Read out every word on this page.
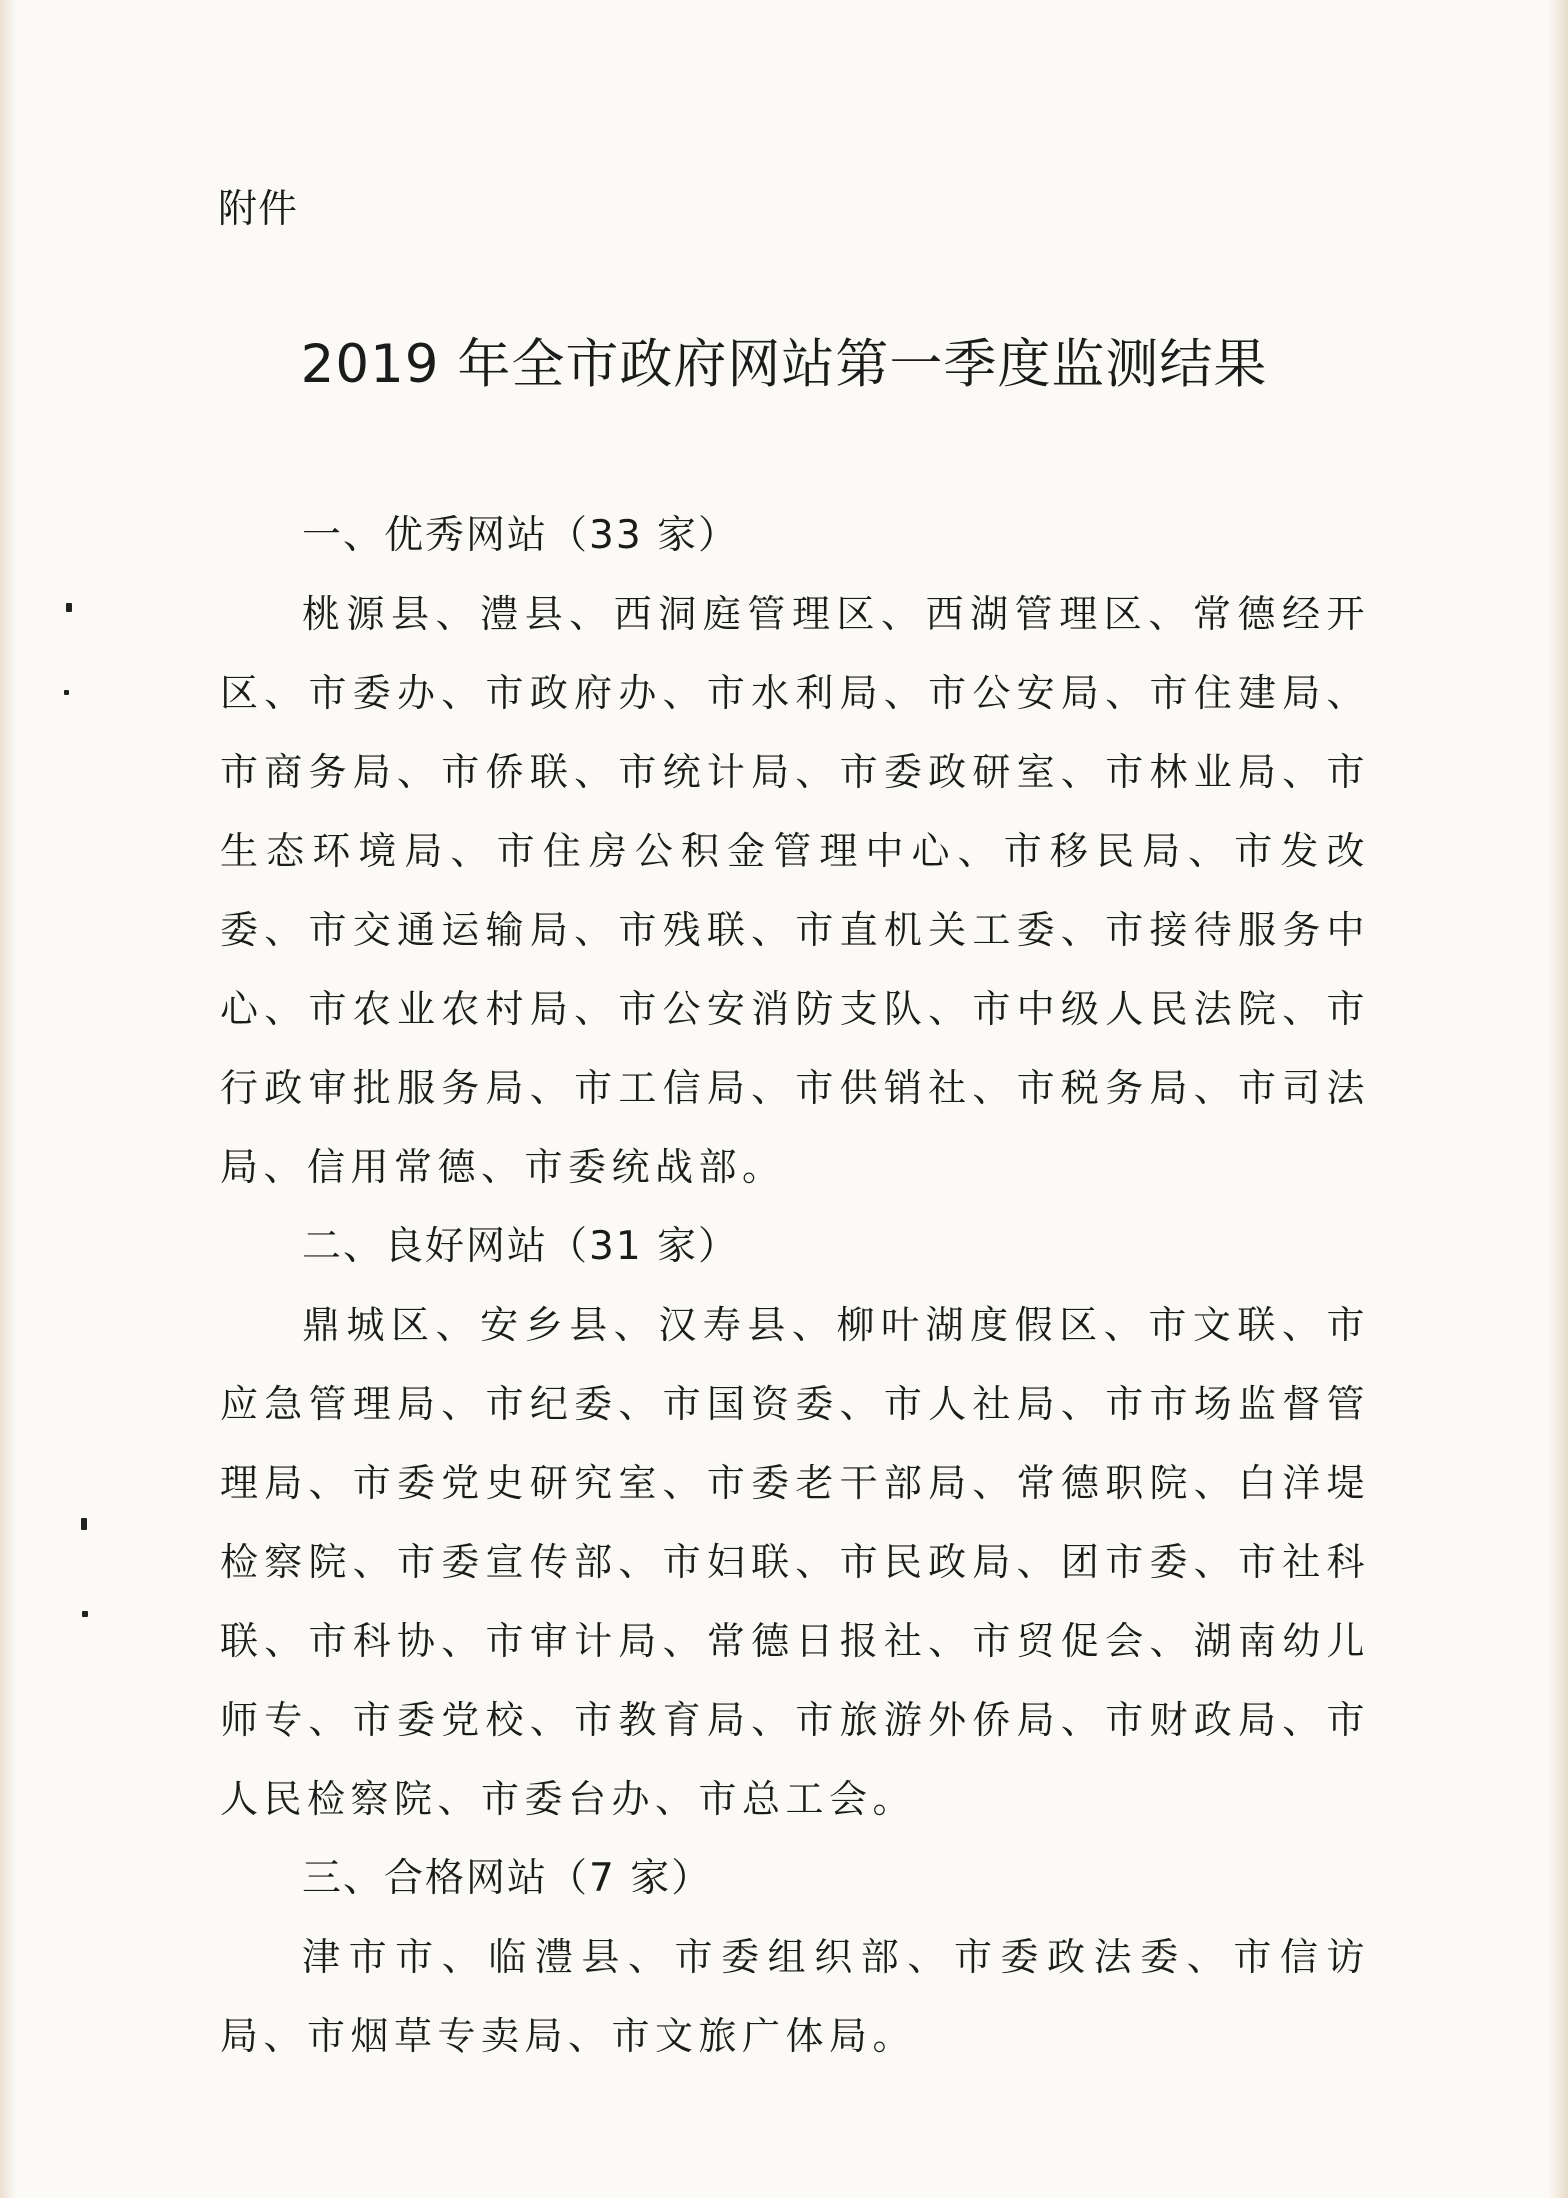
附件
2019 年全市政府网站第一季度监测结果
一、优秀网站（33 家）

桃源县、澧县、西洞庭管理区、西湖管理区、常德经开区、市委办、市政府办、市水利局、市公安局、市住建局、市商务局、市侨联、市统计局、市委政研室、市林业局、市生态环境局、市住房公积金管理中心、市移民局、市发改委、市交通运输局、市残联、市直机关工委、市接待服务中心、市农业农村局、市公安消防支队、市中级人民法院、市行政审批服务局、市工信局、市供销社、市税务局、市司法局、信用常德、市委统战部。

二、良好网站（31 家）

鼎城区、安乡县、汉寿县、柳叶湖度假区、市文联、市应急管理局、市纪委、市国资委、市人社局、市市场监督管理局、市委党史研究室、市委老干部局、常德职院、白洋堤检察院、市委宣传部、市妇联、市民政局、团市委、市社科联、市科协、市审计局、常德日报社、市贸促会、湖南幼儿师专、市委党校、市教育局、市旅游外侨局、市财政局、市人民检察院、市委台办、市总工会。

三、合格网站（7 家）

津市市、临澧县、市委组织部、市委政法委、市信访局、市烟草专卖局、市文旅广体局。
